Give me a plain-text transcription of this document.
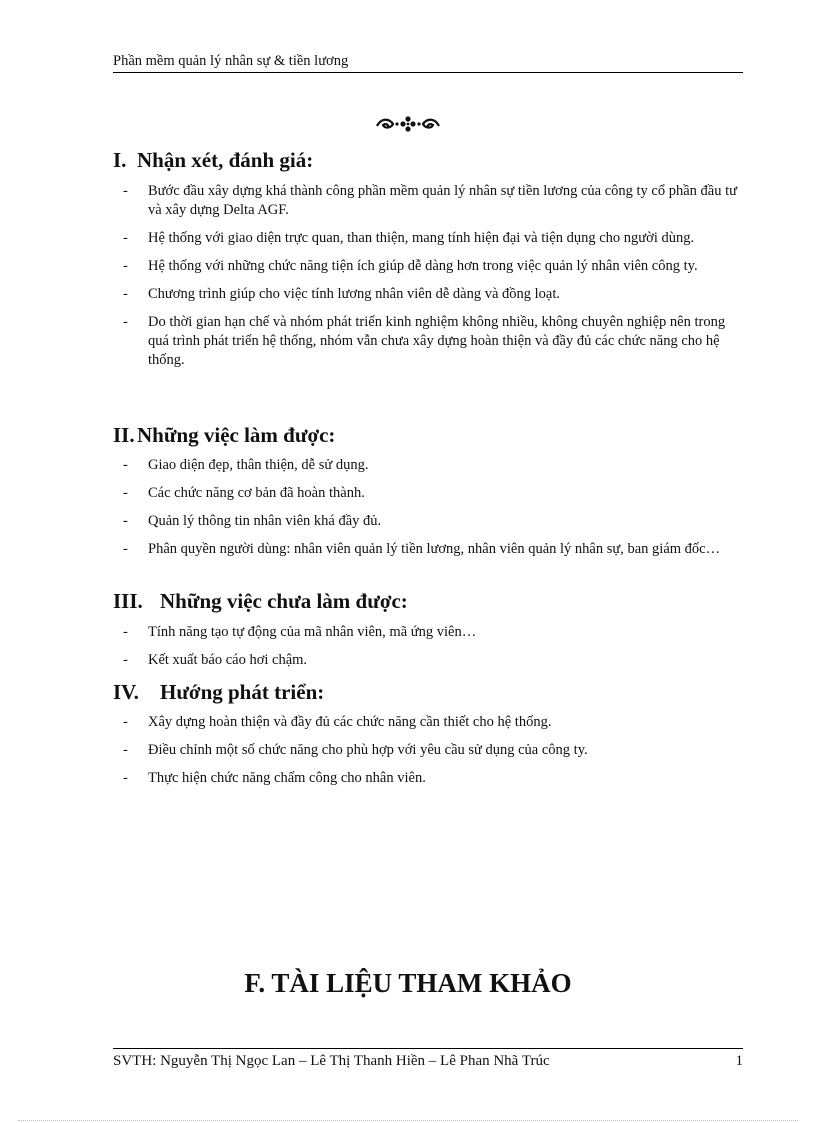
Phần mềm quản lý nhân sự & tiền lương
I. Nhận xét, đánh giá:
- Bước đầu xây dựng khá thành công phần mềm quản lý nhân sự tiền lương của công ty cổ phần đầu tư và xây dựng Delta AGF.
- Hệ thống với giao diện trực quan, than thiện, mang tính hiện đại và tiện dụng cho người dùng.
- Hệ thống với những chức năng tiện ích giúp dễ dàng hơn trong việc quản lý nhân viên công ty.
- Chương trình giúp cho việc tính lương nhân viên dễ dàng và đồng loạt.
- Do thời gian hạn chế và nhóm phát triển kinh nghiệm không nhiều, không chuyên nghiệp nên trong quá trình phát triển hệ thống, nhóm vẫn chưa xây dựng hoàn thiện và đầy đủ các chức năng cho hệ thống.
II. Những việc làm được:
- Giao diện đẹp, thân thiện, dễ sử dụng.
- Các chức năng cơ bản đã hoàn thành.
- Quản lý thông tin nhân viên khá đầy đủ.
- Phân quyền người dùng: nhân viên quản lý tiền lương, nhân viên quản lý nhân sự, ban giám đốc…
III. Những việc chưa làm được:
- Tính năng tạo tự động của mã nhân viên, mã ứng viên…
- Kết xuất báo cáo hơi chậm.
IV. Hướng phát triển:
- Xây dựng hoàn thiện và đầy đủ các chức năng cần thiết cho hệ thống.
- Điều chỉnh một số chức năng cho phù hợp với yêu cầu sử dụng của công ty.
- Thực hiện chức năng chấm công cho nhân viên.
F. TÀI LIỆU THAM KHẢO
SVTH: Nguyễn Thị Ngọc Lan – Lê Thị Thanh Hiền – Lê Phan Nhã Trúc	1
